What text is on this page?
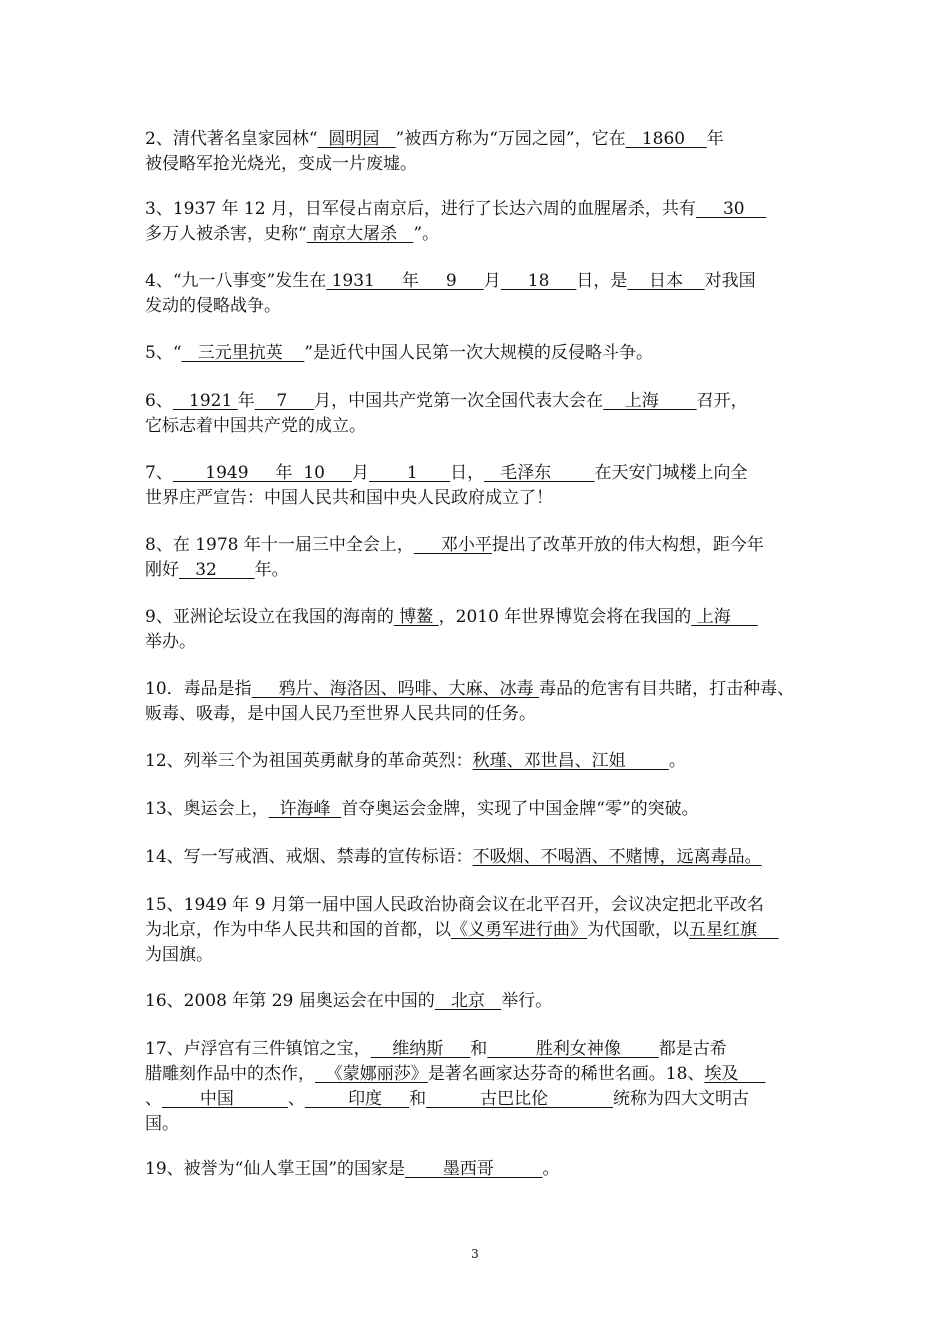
2、清代著名皇家园林“  圆明园   ”被西方称为“万园之园”，它在   1860    年
被侵略军抢光烧光，变成一片废墟。
3、1937 年 12 月，日军侵占南京后，进行了长达六周的血腥屠杀，共有     30
多万人被杀害，史称“ 南京大屠杀   ”。
4、“九一八事变”发生在 1931     年     9     月     18     日，是    日本    对我国
发动的侵略战争。
5、“   三元里抗英    ”是近代中国人民第一次大规模的反侵略斗争。
6、   1921 年    7     月，中国共产党第一次全国代表大会在    上海       召开，
它标志着中国共产党的成立。
7、      1949     年  10     月       1      日，   毛泽东        在天安门城楼上向全
世界庄严宣告：中国人民共和国中央人民政府成立了！
8、在 1978 年十一届三中全会上，     邓小平提出了改革开放的伟大构想，距今年
刚好   32       年。
9、亚洲论坛设立在我国的海南的 博鳌 ，2010 年世界博览会将在我国的 上海
举办。
10．毒品是指     鸦片、海洛因、吗啡、大麻、冰毒 毒品的危害有目共睹，打击种毒、
贩毒、吸毒，是中国人民乃至世界人民共同的任务。
12、列举三个为祖国英勇献身的革命英烈：秋瑾、邓世昌、江姐        。
13、奥运会上，  许海峰  首夺奥运会金牌，实现了中国金牌“零”的突破。
14、写一写戒酒、戒烟、禁毒的宣传标语：不吸烟、不喝酒、不赌博，远离毒品。
15、1949 年 9 月第一届中国人民政治协商会议在北平召开，会议决定把北平改名
为北京，作为中华人民共和国的首都，以《义勇军进行曲》为代国歌，以五星红旗
为国旗。
16、2008 年第 29 届奥运会在中国的   北京   举行。
17、卢浮宫有三件镇馆之宝，    维纳斯     和         胜利女神像       都是古希
腊雕刻作品中的杰作，  《蒙娜丽莎》是著名画家达芬奇的稀世名画。18、埃及
、       中国          、        印度     和          古巴比伦            统称为四大文明古
国。
19、被誉为“仙人掌王国”的国家是       墨西哥         。
3
